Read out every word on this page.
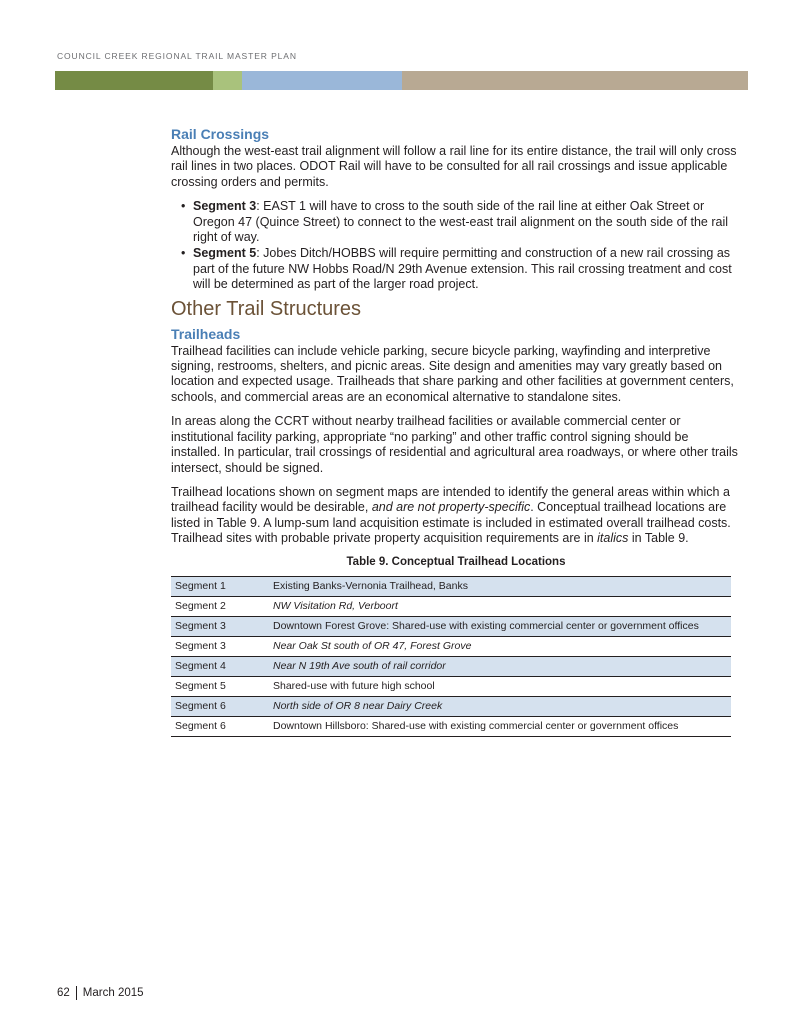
COUNCIL CREEK REGIONAL TRAIL MASTER PLAN
Rail Crossings

Although the west-east trail alignment will follow a rail line for its entire distance, the trail will only cross rail lines in two places. ODOT Rail will have to be consulted for all rail crossings and issue applicable crossing orders and permits.

• Segment 3: EAST 1 will have to cross to the south side of the rail line at either Oak Street or Oregon 47 (Quince Street) to connect to the west-east trail alignment on the south side of the rail right of way.
• Segment 5: Jobes Ditch/HOBBS will require permitting and construction of a new rail crossing as part of the future NW Hobbs Road/N 29th Avenue extension. This rail crossing treatment and cost will be determined as part of the larger road project.
Other Trail Structures
Trailheads

Trailhead facilities can include vehicle parking, secure bicycle parking, wayfinding and interpretive signing, restrooms, shelters, and picnic areas. Site design and amenities may vary greatly based on location and expected usage. Trailheads that share parking and other facilities at government centers, schools, and commercial areas are an economical alternative to standalone sites.

In areas along the CCRT without nearby trailhead facilities or available commercial center or institutional facility parking, appropriate “no parking” and other traffic control signing should be installed. In particular, trail crossings of residential and agricultural area roadways, or where other trails intersect, should be signed.

Trailhead locations shown on segment maps are intended to identify the general areas within which a trailhead facility would be desirable, and are not property-specific. Conceptual trailhead locations are listed in Table 9. A lump-sum land acquisition estimate is included in estimated overall trailhead costs. Trailhead sites with probable private property acquisition requirements are in italics in Table 9.

Table 9. Conceptual Trailhead Locations
Segment 1	Existing Banks-Vernonia Trailhead, Banks
Segment 2	NW Visitation Rd, Verboort
Segment 3	Downtown Forest Grove: Shared-use with existing commercial center or government offices
Segment 3	Near Oak St south of OR 47, Forest Grove
Segment 4	Near N 19th Ave south of rail corridor
Segment 5	Shared-use with future high school
Segment 6	North side of OR 8 near Dairy Creek
Segment 6	Downtown Hillsboro: Shared-use with existing commercial center or government offices
62 March 2015
